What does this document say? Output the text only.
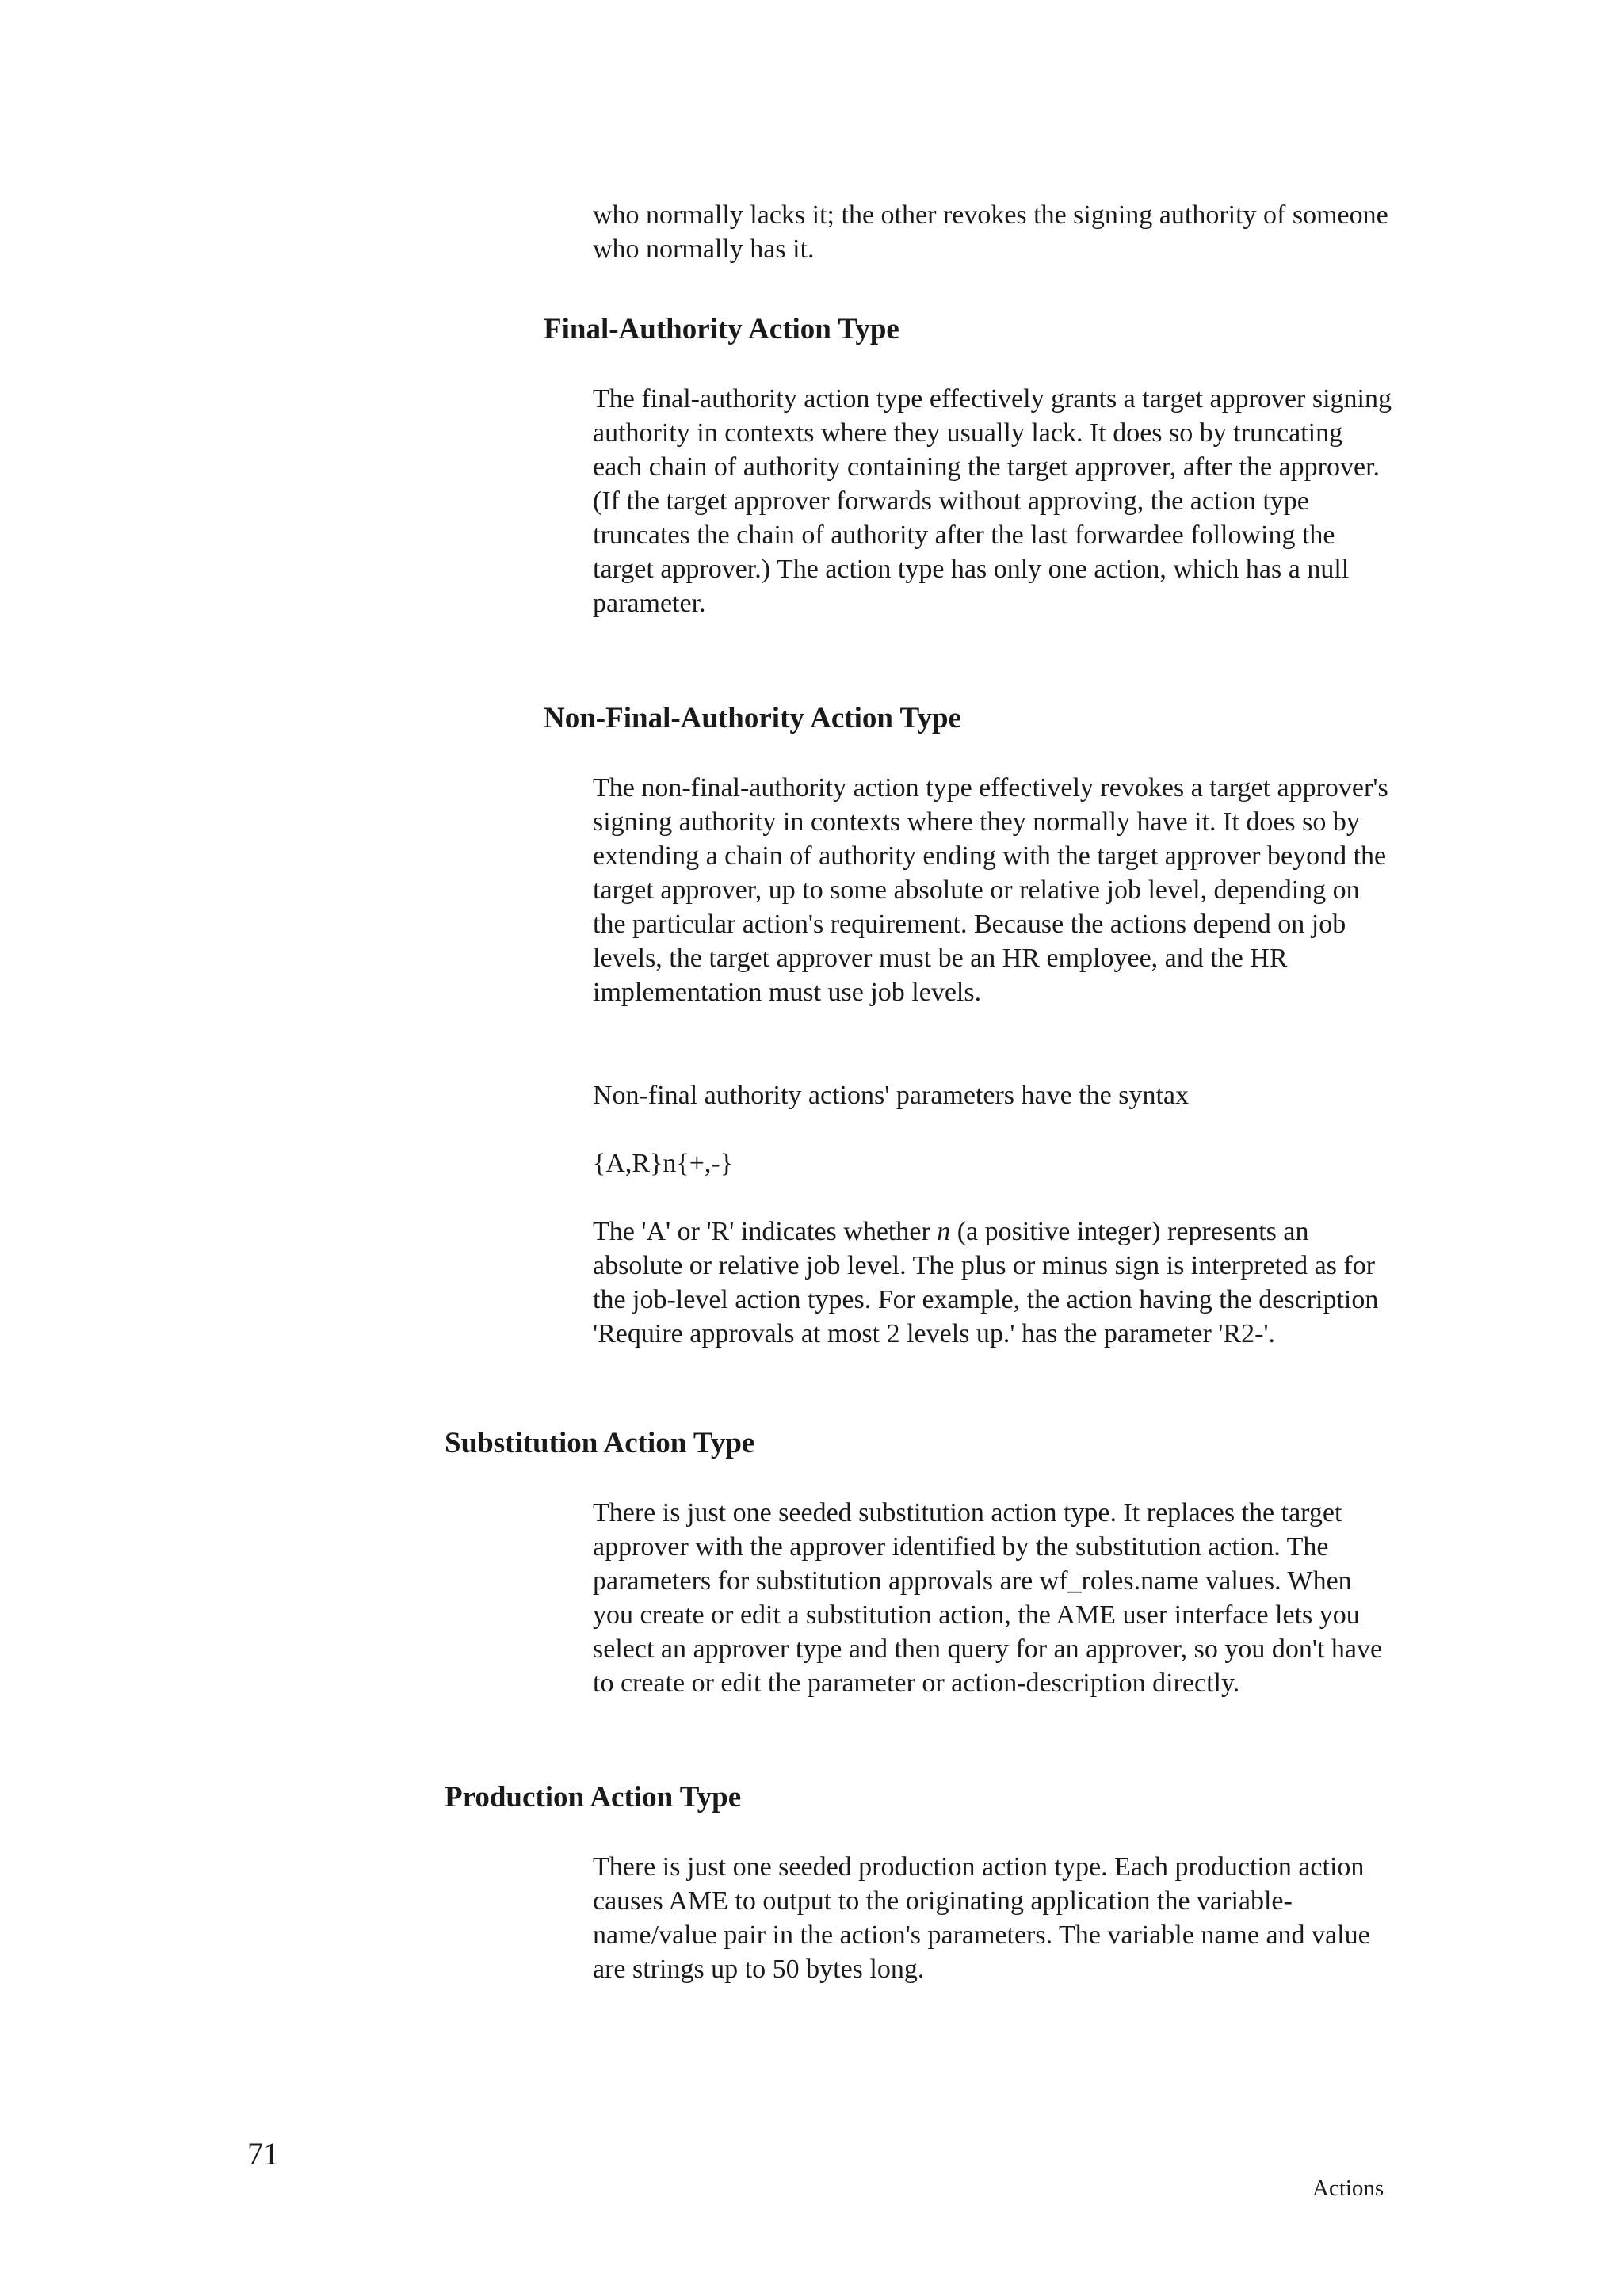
who normally lacks it; the other revokes the signing authority of someone who normally has it.

Final-Authority Action Type

The final-authority action type effectively grants a target approver signing authority in contexts where they usually lack. It does so by truncating each chain of authority containing the target approver, after the approver. (If the target approver forwards without approving, the action type truncates the chain of authority after the last forwardee following the target approver.) The action type has only one action, which has a null parameter.

Non-Final-Authority Action Type

The non-final-authority action type effectively revokes a target approver's signing authority in contexts where they normally have it. It does so by extending a chain of authority ending with the target approver beyond the target approver, up to some absolute or relative job level, depending on the particular action's requirement. Because the actions depend on job levels, the target approver must be an HR employee, and the HR implementation must use job levels.

Non-final authority actions' parameters have the syntax

{A,R}n{+,-}

The 'A' or 'R' indicates whether n (a positive integer) represents an absolute or relative job level. The plus or minus sign is interpreted as for the job-level action types. For example, the action having the description 'Require approvals at most 2 levels up.' has the parameter 'R2-'.

Substitution Action Type

There is just one seeded substitution action type. It replaces the target approver with the approver identified by the substitution action. The parameters for substitution approvals are wf_roles.name values. When you create or edit a substitution action, the AME user interface lets you select an approver type and then query for an approver, so you don't have to create or edit the parameter or action-description directly.

Production Action Type

There is just one seeded production action type. Each production action causes AME to output to the originating application the variable-name/value pair in the action's parameters. The variable name and value are strings up to 50 bytes long.

71

Actions
